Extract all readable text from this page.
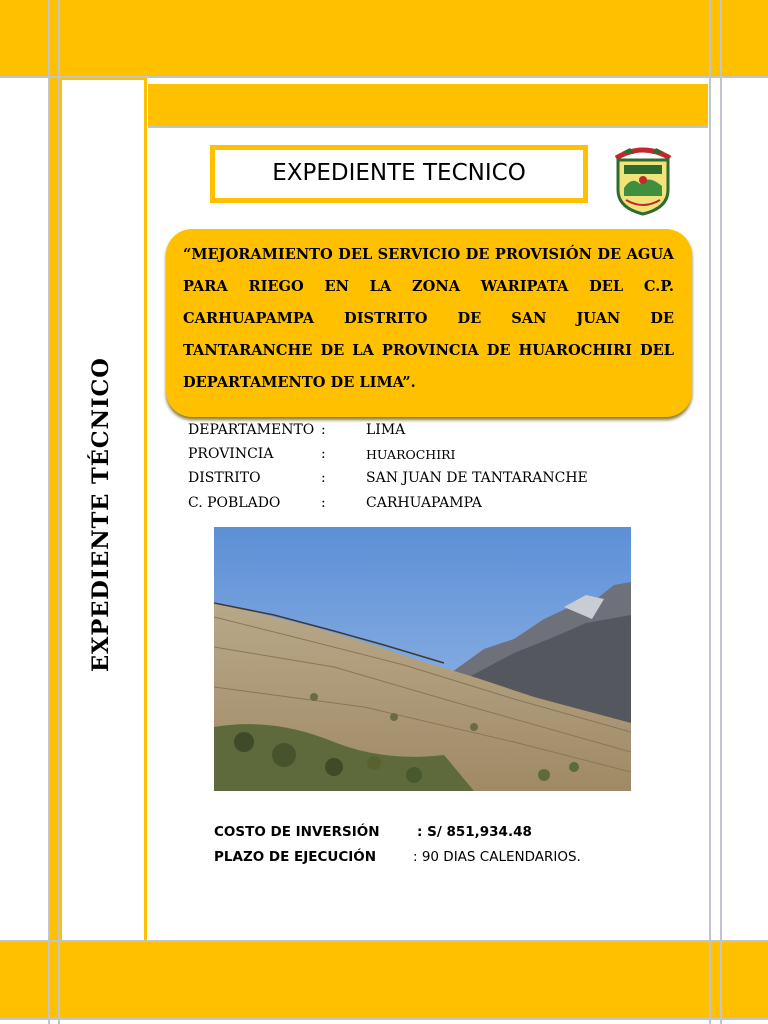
EXPEDIENTE TÉCNICO
EXPEDIENTE TECNICO
“MEJORAMIENTO DEL SERVICIO DE PROVISIÓN DE AGUA PARA RIEGO EN LA ZONA WARIPATA DEL C.P. CARHUAPAMPA DISTRITO DE SAN JUAN DE TANTARANCHE DE LA PROVINCIA DE HUAROCHIRI DEL DEPARTAMENTO DE LIMA”.
DEPARTAMENTO :	LIMA
PROVINCIA	:	HUAROCHIRI
DISTRITO	:	SAN JUAN DE TANTARANCHE
C. POBLADO	:	CARHUAPAMPA
COSTO DE INVERSIÓN	: S/ 851,934.48
PLAZO DE EJECUCIÓN	: 90 DIAS CALENDARIOS.
